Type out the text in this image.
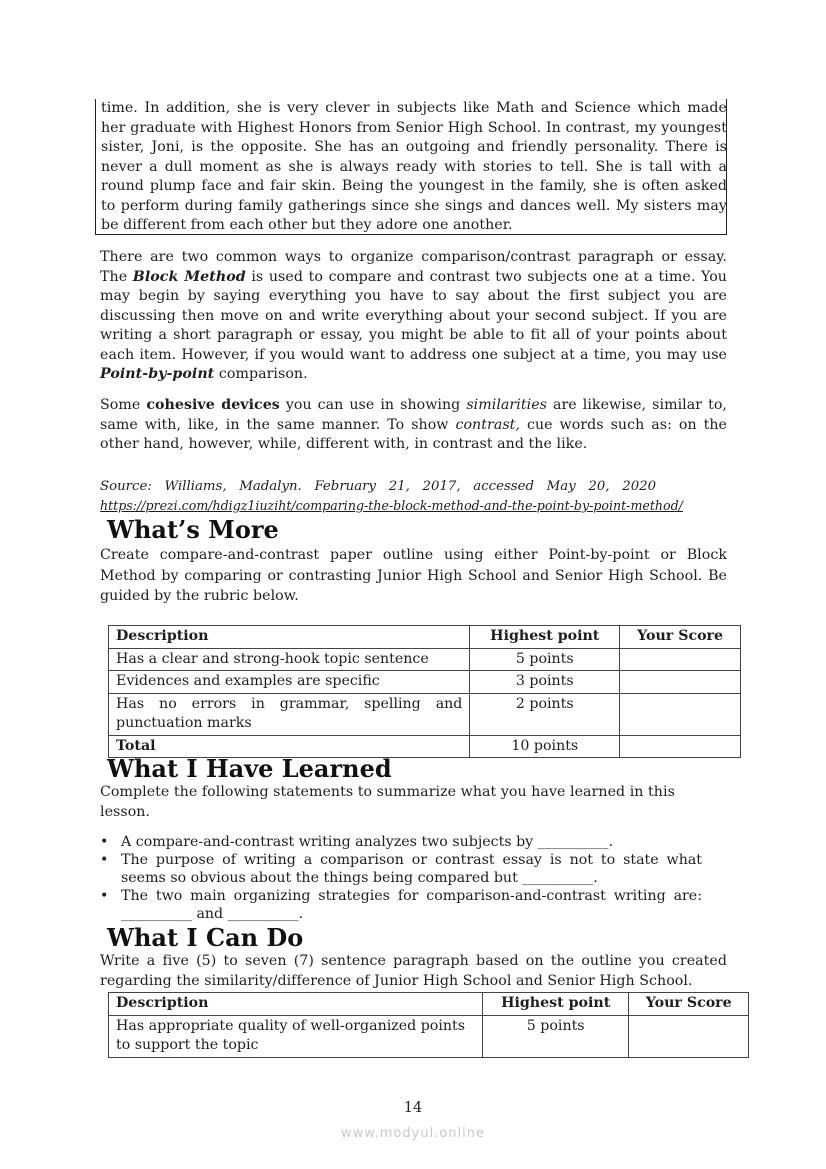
time. In addition, she is very clever in subjects like Math and Science which made
her graduate with Highest Honors from Senior High School. In contrast, my youngest
sister, Joni, is the opposite. She has an outgoing and friendly personality. There is
never a dull moment as she is always ready with stories to tell. She is tall with a
round plump face and fair skin. Being the youngest in the family, she is often asked
to perform during family gatherings since she sings and dances well. My sisters may
be different from each other but they adore one another.
There are two common ways to organize comparison/contrast paragraph or essay.
The Block Method is used to compare and contrast two subjects one at a time. You
may begin by saying everything you have to say about the first subject you are
discussing then move on and write everything about your second subject. If you are
writing a short paragraph or essay, you might be able to fit all of your points about
each item. However, if you would want to address one subject at a time, you may use
Point-by-point comparison.
Some cohesive devices you can use in showing similarities are likewise, similar to,
same with, like, in the same manner. To show contrast, cue words such as: on the
other hand, however, while, different with, in contrast and the like.
Source:   Williams,   Madalyn.   February   21,   2017,   accessed   May   20,   2020
https://prezi.com/hdigz1iuziht/comparing-the-block-method-and-the-point-by-point-method/
What’s More
Create compare-and-contrast paper outline using either Point-by-point or Block
Method by comparing or contrasting Junior High School and Senior High School. Be
guided by the rubric below.
Description	Highest point	Your Score
Has a clear and strong-hook topic sentence	5 points	
Evidences and examples are specific	3 points	

Has  no  errors  in  grammar,  spelling  and
punctuation marks	2 points	
Total	10 points	
What I Have Learned
Complete the following statements to summarize what you have learned in this
lesson.
• A compare-and-contrast writing analyzes two subjects by __________.
• The purpose of writing a comparison or contrast essay is not to state what
seems so obvious about the things being compared but __________.
• The two main organizing strategies for comparison-and-contrast writing are:
__________ and __________.
What I Can Do
Write a five (5) to seven (7) sentence paragraph based on the outline you created
regarding the similarity/difference of Junior High School and Senior High School.
Description	Highest point	Your Score

Has appropriate quality of well-organized points
to support the topic	5 points	
14
www.modyul.online
